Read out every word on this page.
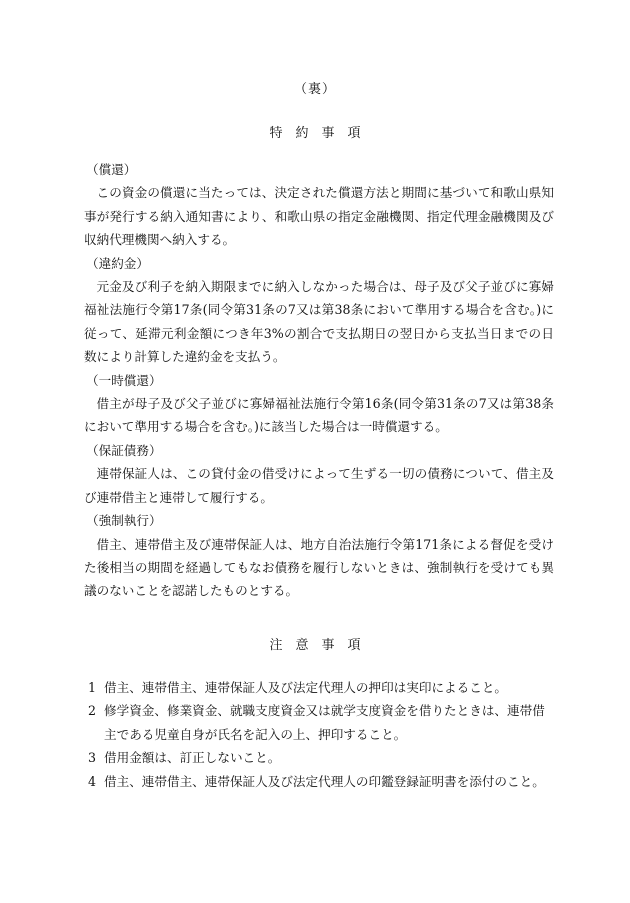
（裏）
特　約　事　項

（償還）

この資金の償還に当たっては、決定された償還方法と期間に基づいて和歌山県知事が発行する納入通知書により、和歌山県の指定金融機関、指定代理金融機関及び収納代理機関へ納入する。

（違約金）

元金及び利子を納入期限までに納入しなかった場合は、母子及び父子並びに寡婦福祉法施行令第17条(同令第31条の7又は第38条において準用する場合を含む。)に従って、延滞元利金額につき年3%の割合で支払期日の翌日から支払当日までの日数により計算した違約金を支払う。

（一時償還）

借主が母子及び父子並びに寡婦福祉法施行令第16条(同令第31条の7又は第38条において準用する場合を含む。)に該当した場合は一時償還する。

（保証債務）

連帯保証人は、この貸付金の借受けによって生ずる一切の債務について、借主及び連帯借主と連帯して履行する。

（強制執行）

借主、連帯借主及び連帯保証人は、地方自治法施行令第171条による督促を受けた後相当の期間を経過してもなお債務を履行しないときは、強制執行を受けても異議のないことを認諾したものとする。

注　意　事　項
1 借主、連帯借主、連帯保証人及び法定代理人の押印は実印によること。
2 修学資金、修業資金、就職支度資金又は就学支度資金を借りたときは、連帯借主である児童自身が氏名を記入の上、押印すること。
3 借用金額は、訂正しないこと。
4 借主、連帯借主、連帯保証人及び法定代理人の印鑑登録証明書を添付のこと。
